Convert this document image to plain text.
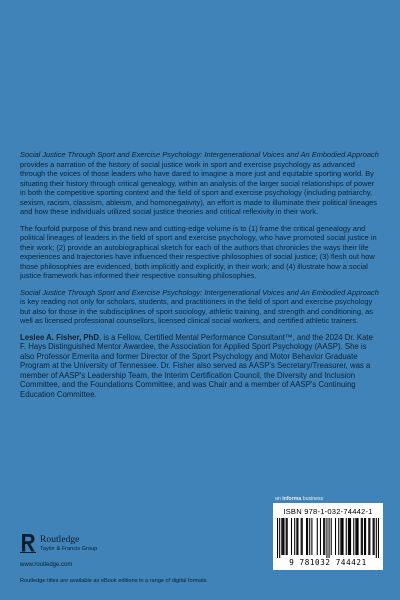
Social Justice Through Sport and Exercise Psychology: Intergenerational Voices and An Embodied Approach provides a narration of the history of social justice work in sport and exercise psychology as advanced through the voices of those leaders who have dared to imagine a more just and equitable sporting world. By situating their history through critical genealogy, within an analysis of the larger social relationships of power in both the competitive sporting context and the field of sport and exercise psychology (including patriarchy, sexism, racism, classism, ableism, and homonegativity), an effort is made to illuminate their political lineages and how these individuals utilized social justice theories and critical reflexivity in their work.

The fourfold purpose of this brand new and cutting-edge volume is to (1) frame the critical genealogy and political lineages of leaders in the field of sport and exercise psychology, who have promoted social justice in their work; (2) provide an autobiographical sketch for each of the authors that chronicles the ways their life experiences and trajectories have influenced their respective philosophies of social justice; (3) flesh out how those philosophies are evidenced, both implicitly and explicitly, in their work; and (4) illustrate how a social justice framework has informed their respective consulting philosophies.

Social Justice Through Sport and Exercise Psychology: Intergenerational Voices and An Embodied Approach is key reading not only for scholars, students, and practitioners in the field of sport and exercise psychology but also for those in the subdisciplines of sport sociology, athletic training, and strength and conditioning, as well as licensed professional counsellors, licensed clinical social workers, and certified athletic trainers.

Leslee A. Fisher, PhD, is a Fellow, Certified Mental Performance Consultant™, and the 2024 Dr. Kate F. Hays Distinguished Mentor Awardee, the Association for Applied Sport Psychology (AASP). She is also Professor Emerita and former Director of the Sport Psychology and Motor Behavior Graduate Program at the University of Tennessee. Dr. Fisher also served as AASP's Secretary/Treasurer, was a member of AASP's Leadership Team, the Interim Certification Council, the Diversity and Inclusion Committee, and the Foundations Committee, and was Chair and a member of AASP's Continuing Education Committee.

an informa business
ISBN 978-1-032-74442-1
9 781032 744421
Routledge
Taylor & Francis Group
www.routledge.com
Routledge titles are available as eBook editions in a range of digital formats
